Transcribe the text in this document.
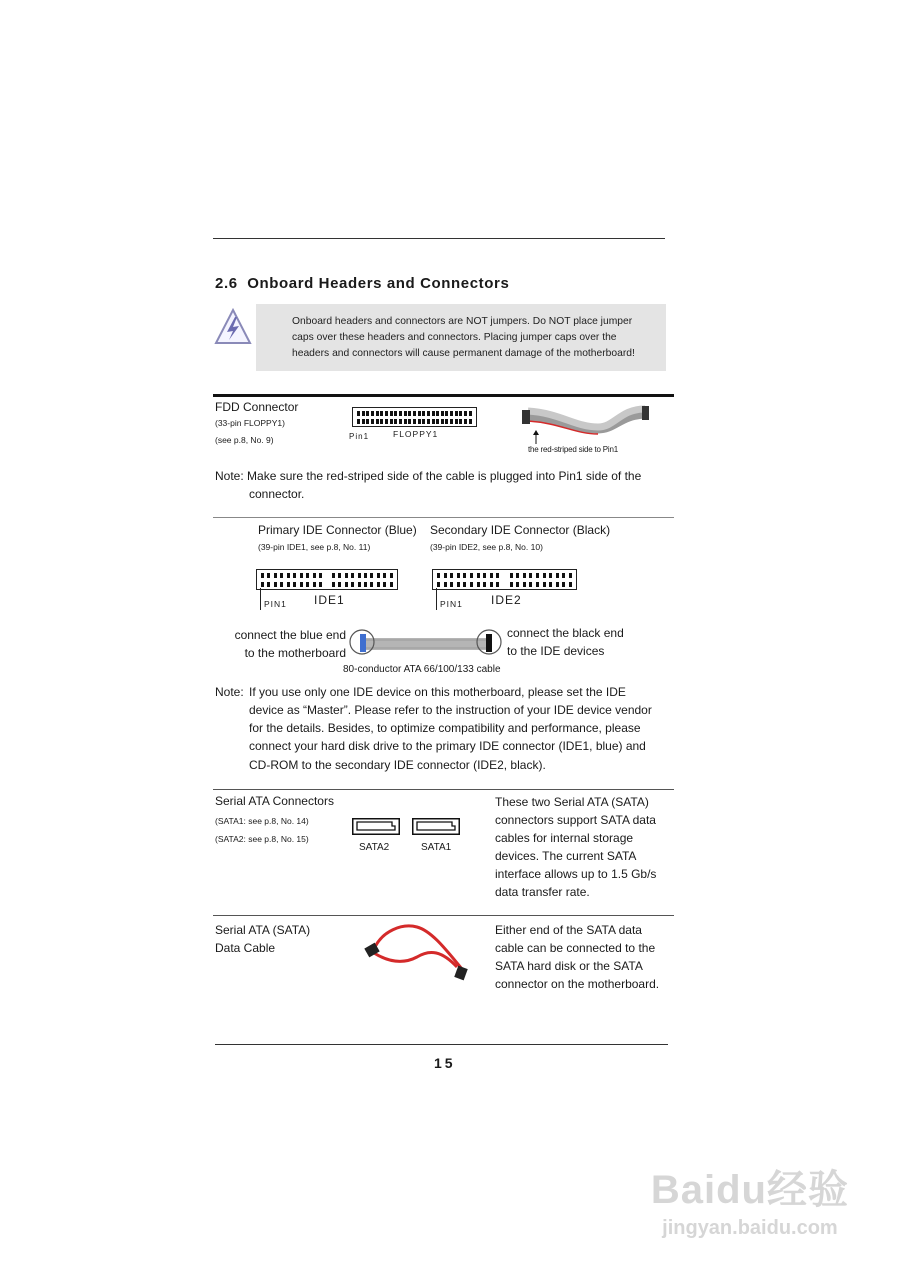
2.6 Onboard Headers and Connectors

Onboard headers and connectors are NOT jumpers. Do NOT place jumper caps over these headers and connectors. Placing jumper caps over the headers and connectors will cause permanent damage of the motherboard!

FDD Connector
(33-pin FLOPPY1)
(see p.8, No. 9)	Pin1	FLOPPY1
the red-striped side to Pin1
Note: Make sure the red-striped side of the cable is plugged into Pin1 side of the
connector.
Primary IDE Connector (Blue)
(39-pin IDE1, see p.8, No. 11)
Secondary IDE Connector (Black)
(39-pin IDE2, see p.8, No. 10)
PIN1 IDE1	PIN1 IDE2
connect the blue end
to the motherboard
connect the black end
to the IDE devices
80-conductor ATA 66/100/133 cable
Note: If you use only one IDE device on this motherboard, please set the IDE
device as “Master”. Please refer to the instruction of your IDE device vendor
for the details. Besides, to optimize compatibility and performance, please
connect your hard disk drive to the primary IDE connector (IDE1, blue) and
CD-ROM to the secondary IDE connector (IDE2, black).
Serial ATA Connectors
(SATA1: see p.8, No. 14)
(SATA2: see p.8, No. 15)
SATA2	SATA1
These two Serial ATA (SATA)
connectors support SATA data
cables for internal storage
devices. The current SATA
interface allows up to 1.5 Gb/s
data transfer rate.
Serial ATA (SATA)
Data Cable
Either end of the SATA data
cable can be connected to the
SATA hard disk or the SATA
connector on the motherboard.
15
Baidu经验
jingyan.baidu.com
